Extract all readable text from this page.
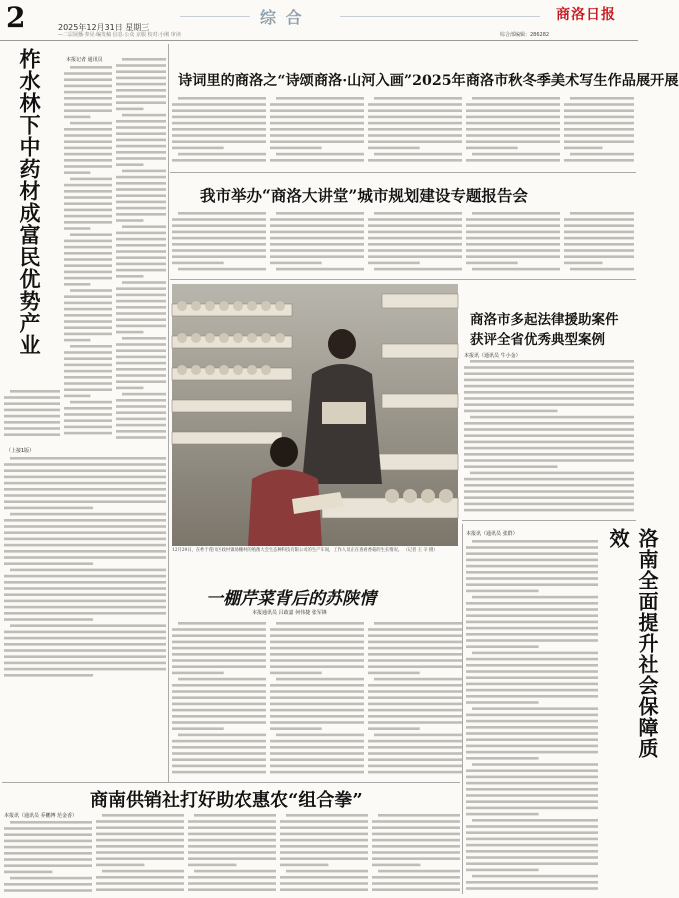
2	2025年12月31日 星期三
—二层展播·参见·编发稿 信息·公众 京服 校对:小刚 审读
综 合	商洛日报
综合部编辑：286282
柞水林下中药材成富民优势产业	本报记者 通讯员
（上接1版）
诗词里的商洛之“诗颂商洛·山河入画”2025年商洛市秋冬季美术写生作品展开展
我市举办“商洛大讲堂”城市规划建设专题报告会
12月29日，在柞于莲川区政村镇场棚村的殖菌大会生态种科技有限公司的生产车间，工作人员正在查看香菇的生长情况。 （记者 王 辛 摄）
商洛市多起法律援助案件
获评全省优秀典型案例
本报讯（通讯员 牛小金）
一棚芹菜背后的苏陕情
本报通讯员 吕政嘉 何伟捷 张军锋	洛南全面提升社会保障质效
本报讯（通讯员 张群）
商南供销社打好助农惠农“组合拳”
本报讯（通讯员 乔鹏博 范金香）
